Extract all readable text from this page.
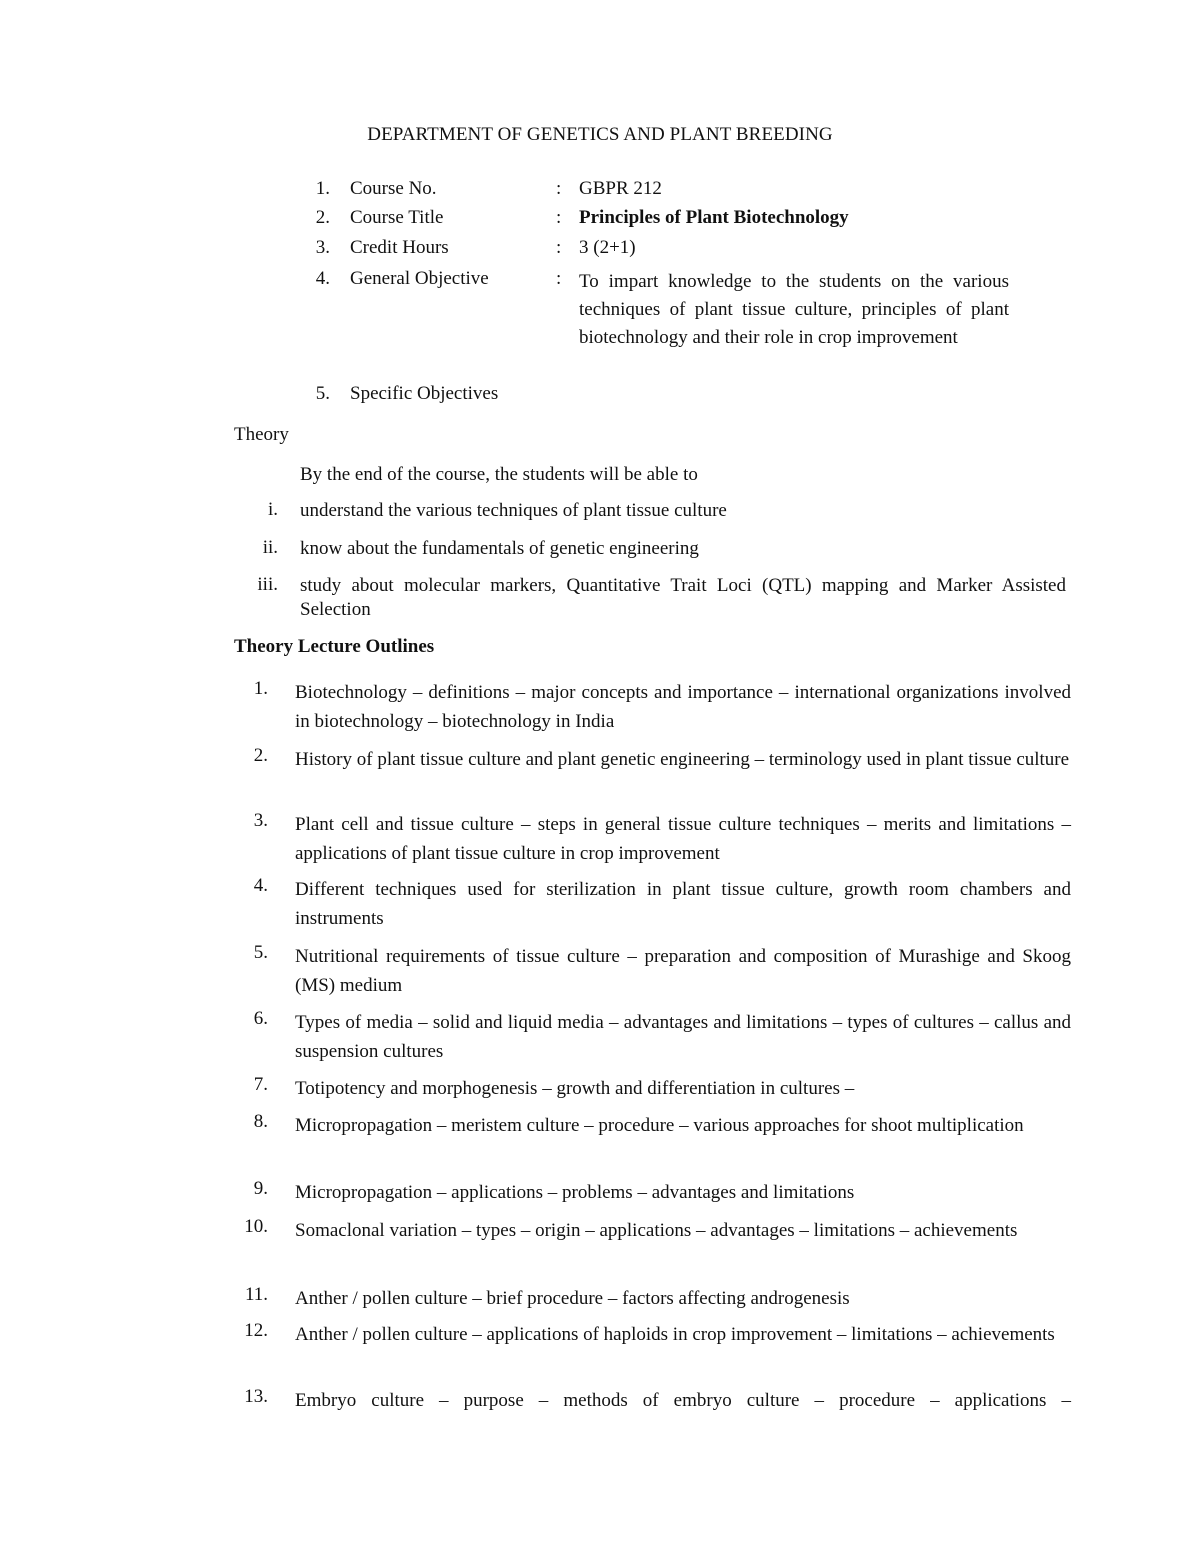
DEPARTMENT OF GENETICS AND PLANT BREEDING
1. Course No.	: GBPR 212
2. Course Title	: Principles of Plant Biotechnology
3. Credit Hours	: 3 (2+1)
4. General Objective	: To impart knowledge to the students on the various techniques of plant tissue culture, principles of plant biotechnology and their role in crop improvement
5. Specific Objectives
Theory
By the end of the course, the students will be able to
i. understand the various techniques of plant tissue culture
ii. know about the fundamentals of genetic engineering
iii. study about molecular markers, Quantitative Trait Loci (QTL) mapping and Marker Assisted Selection
Theory Lecture Outlines
1. Biotechnology – definitions – major concepts and importance – international organizations involved in biotechnology – biotechnology in India
2. History of plant tissue culture and plant genetic engineering – terminology used in plant tissue culture
3. Plant cell and tissue culture – steps in general tissue culture techniques – merits and limitations – applications of plant tissue culture in crop improvement
4. Different techniques used for sterilization in plant tissue culture, growth room chambers and instruments
5. Nutritional requirements of tissue culture – preparation and composition of Murashige and Skoog (MS) medium
6. Types of media – solid and liquid media – advantages and limitations – types of cultures – callus and suspension cultures
7. Totipotency and morphogenesis – growth and differentiation in cultures –
8. Micropropagation – meristem culture – procedure – various approaches for shoot multiplication
9. Micropropagation – applications – problems – advantages and limitations
10. Somaclonal variation – types – origin – applications – advantages – limitations – achievements
11. Anther / pollen culture – brief procedure – factors affecting androgenesis
12. Anther / pollen culture – applications of haploids in crop improvement – limitations – achievements
13. Embryo culture – purpose – methods of embryo culture – procedure – applications –
